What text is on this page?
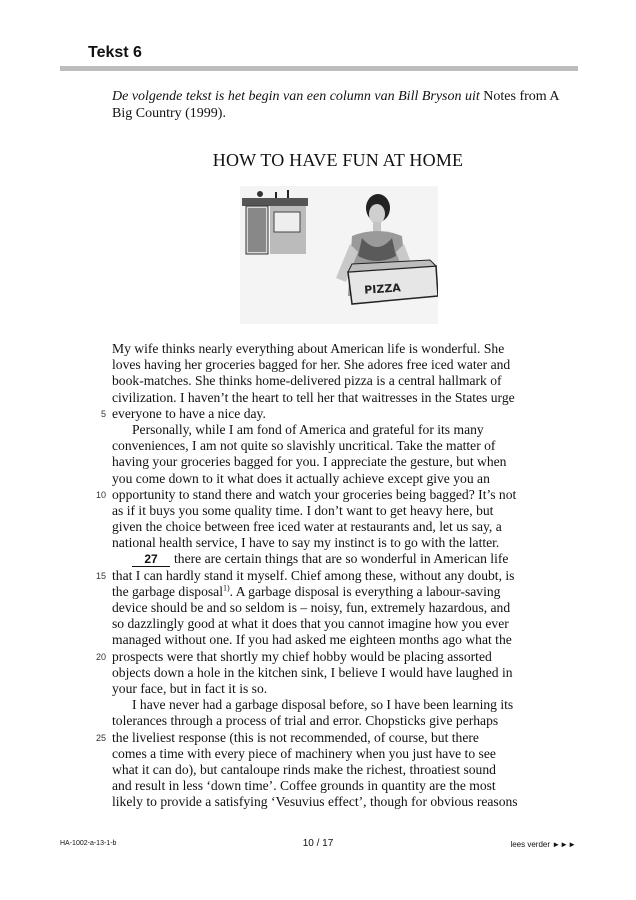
Tekst 6
De volgende tekst is het begin van een column van Bill Bryson uit Notes from A Big Country (1999).
HOW TO HAVE FUN AT HOME
PIZZA
My wife thinks nearly everything about American life is wonderful. She
loves having her groceries bagged for her. She adores free iced water and
book-matches. She thinks home-delivered pizza is a central hallmark of
civilization. I haven’t the heart to tell her that waitresses in the States urge
5 everyone to have a nice day.
Personally, while I am fond of America and grateful for its many
conveniences, I am not quite so slavishly uncritical. Take the matter of
having your groceries bagged for you. I appreciate the gesture, but when
you come down to it what does it actually achieve except give you an
10 opportunity to stand there and watch your groceries being bagged? It’s not
as if it buys you some quality time. I don’t want to get heavy here, but
given the choice between free iced water at restaurants and, let us say, a
national health service, I have to say my instinct is to go with the latter.
27 there are certain things that are so wonderful in American life
15 that I can hardly stand it myself. Chief among these, without any doubt, is
the garbage disposal$^{1)}$. A garbage disposal is everything a labour-saving
device should be and so seldom is – noisy, fun, extremely hazardous, and
so dazzlingly good at what it does that you cannot imagine how you ever
managed without one. If you had asked me eighteen months ago what the
20 prospects were that shortly my chief hobby would be placing assorted
objects down a hole in the kitchen sink, I believe I would have laughed in
your face, but in fact it is so.
I have never had a garbage disposal before, so I have been learning its
tolerances through a process of trial and error. Chopsticks give perhaps
25 the liveliest response (this is not recommended, of course, but there
comes a time with every piece of machinery when you just have to see
what it can do), but cantaloupe rinds make the richest, throatiest sound
and result in less ‘down time’. Coffee grounds in quantity are the most
likely to provide a satisfying ‘Vesuvius effect’, though for obvious reasons
HA-1002-a-13-1-b	10 / 17	lees verder ►►►
